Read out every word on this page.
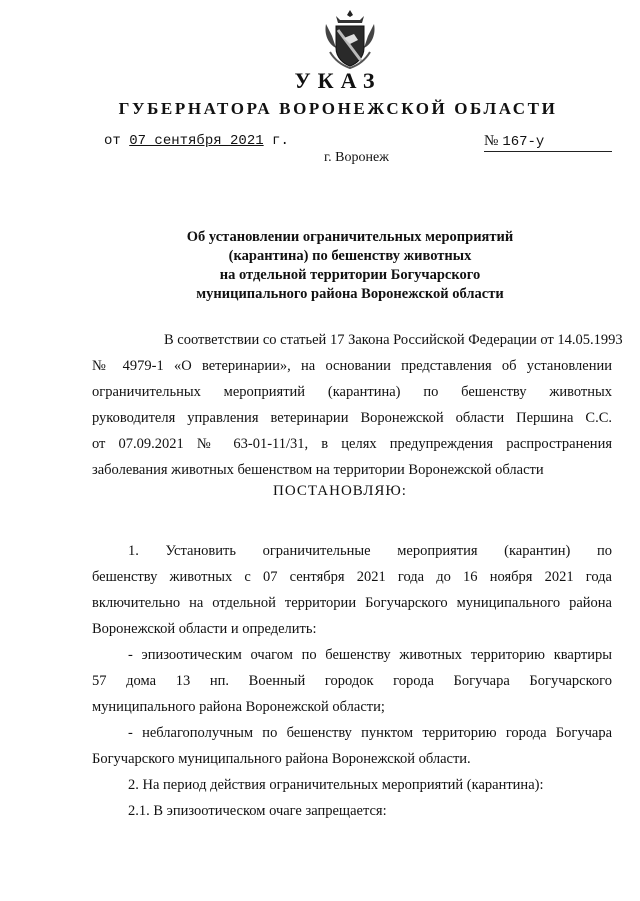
УКАЗ
ГУБЕРНАТОРА ВОРОНЕЖСКОЙ ОБЛАСТИ
от 07 сентября 2021 г.	№ 167-у
г. Воронеж
Об установлении ограничительных мероприятий
(карантина) по бешенству животных
на отдельной территории Богучарского
муниципального района Воронежской области
В соответствии со статьей 17 Закона Российской Федерации от 14.05.1993
№ 4979-1 «О ветеринарии», на основании представления об установлении
ограничительных мероприятий (карантина) по бешенству животных
руководителя управления ветеринарии Воронежской области Першина С.С.
от 07.09.2021 № 63-01-11/31, в целях предупреждения распространения
заболевания животных бешенством на территории Воронежской области
ПОСТАНОВЛЯЮ:
1. Установить ограничительные мероприятия (карантин) по
бешенству животных с 07 сентября 2021 года до 16 ноября 2021 года
включительно на отдельной территории Богучарского муниципального района
Воронежской области и определить:
- эпизоотическим очагом по бешенству животных территорию квартиры
57 дома 13 нп. Военный городок города Богучара Богучарского
муниципального района Воронежской области;
- неблагополучным по бешенству пунктом территорию города Богучара
Богучарского муниципального района Воронежской области.
2. На период действия ограничительных мероприятий (карантина):
2.1. В эпизоотическом очаге запрещается:
